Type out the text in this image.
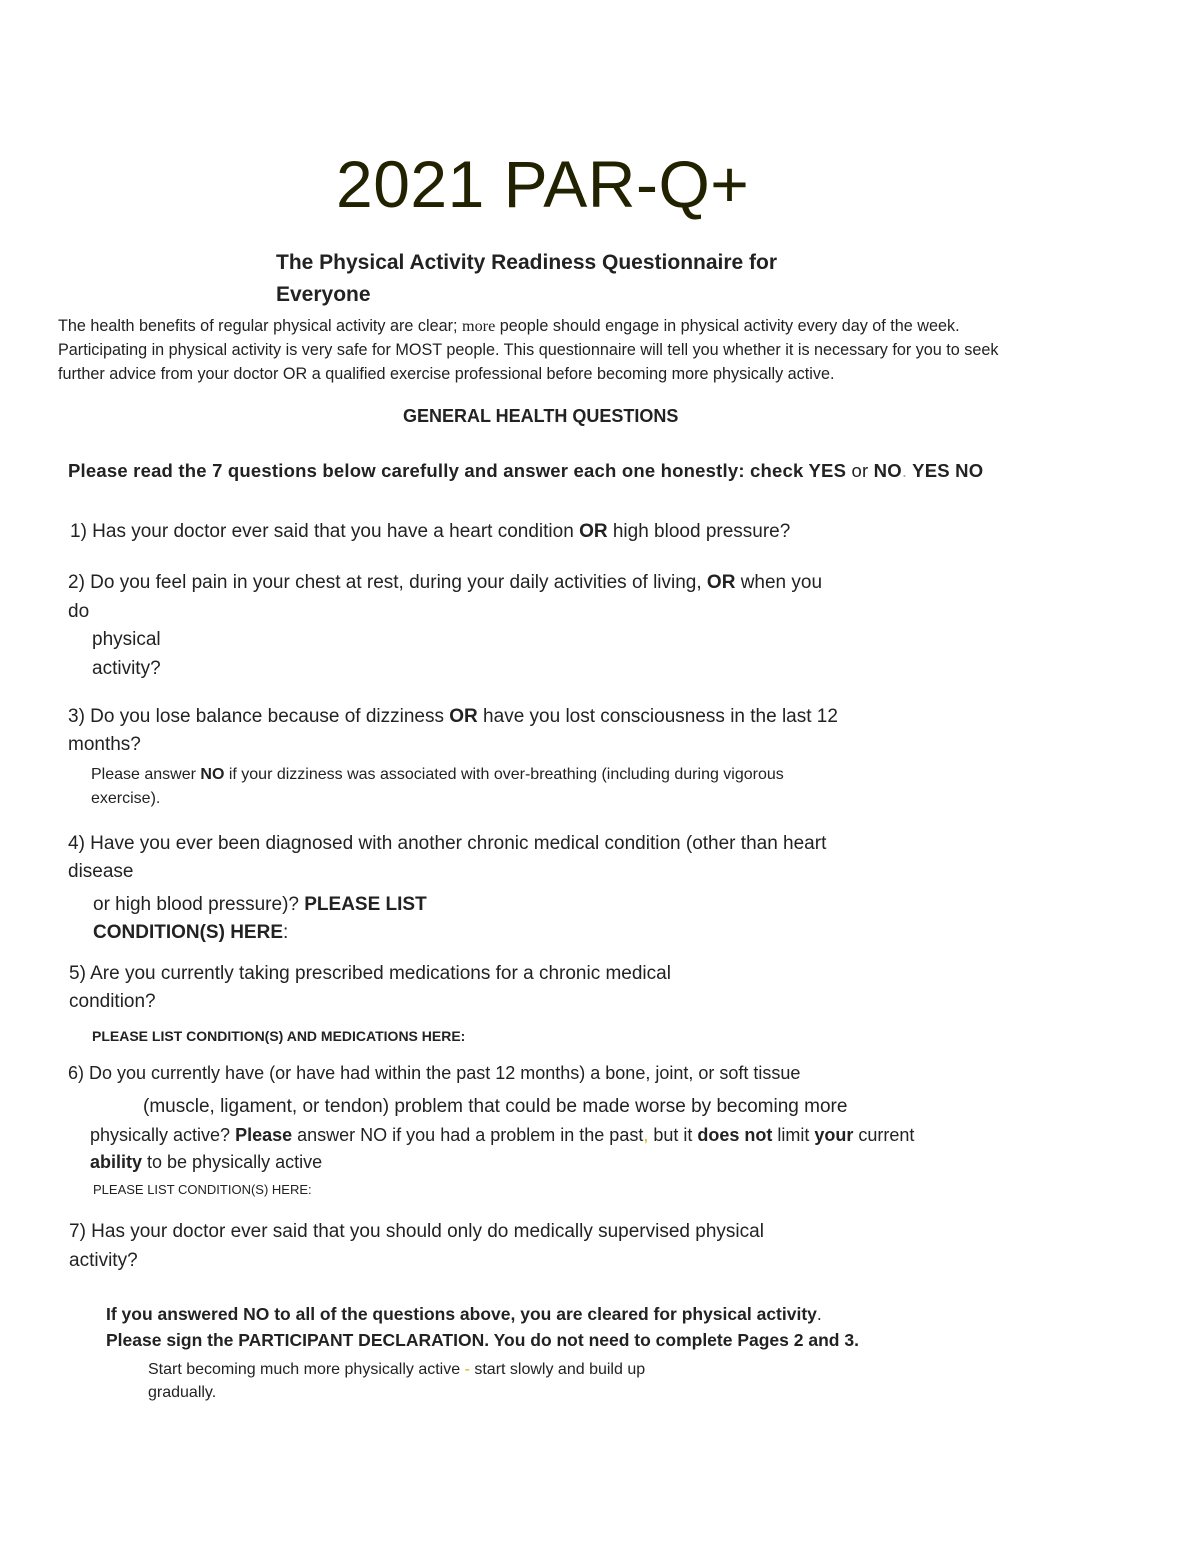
2021 PAR-Q+
The Physical Activity Readiness Questionnaire for
Everyone
The health benefits of regular physical activity are clear; more people should engage in physical activity every day of the week.
Participating in physical activity is very safe for MOST people. This questionnaire will tell you whether it is necessary for you to seek
further advice from your doctor OR a qualified exercise professional before becoming more physically active.
GENERAL HEALTH QUESTIONS
Please read the 7 questions below carefully and answer each one honestly: check YES or NO. YES NO
1) Has your doctor ever said that you have a heart condition OR high blood pressure?
2) Do you feel pain in your chest at rest, during your daily activities of living, OR when you
do
physical
activity?
3) Do you lose balance because of dizziness OR have you lost consciousness in the last 12
months?
Please answer NO if your dizziness was associated with over-breathing (including during vigorous
exercise).
4) Have you ever been diagnosed with another chronic medical condition (other than heart
disease
or high blood pressure)? PLEASE LIST
CONDITION(S) HERE:
5) Are you currently taking prescribed medications for a chronic medical
condition?
PLEASE LIST CONDITION(S) AND MEDICATIONS HERE:
6) Do you currently have (or have had within the past 12 months) a bone, joint, or soft tissue
(muscle, ligament, or tendon) problem that could be made worse by becoming more
physically active? Please answer NO if you had a problem in the past, but it does not limit your current
ability to be physically active
PLEASE LIST CONDITION(S) HERE:
7) Has your doctor ever said that you should only do medically supervised physical
activity?
If you answered NO to all of the questions above, you are cleared for physical activity.
Please sign the PARTICIPANT DECLARATION. You do not need to complete Pages 2 and 3.
Start becoming much more physically active - start slowly and build up
gradually.
